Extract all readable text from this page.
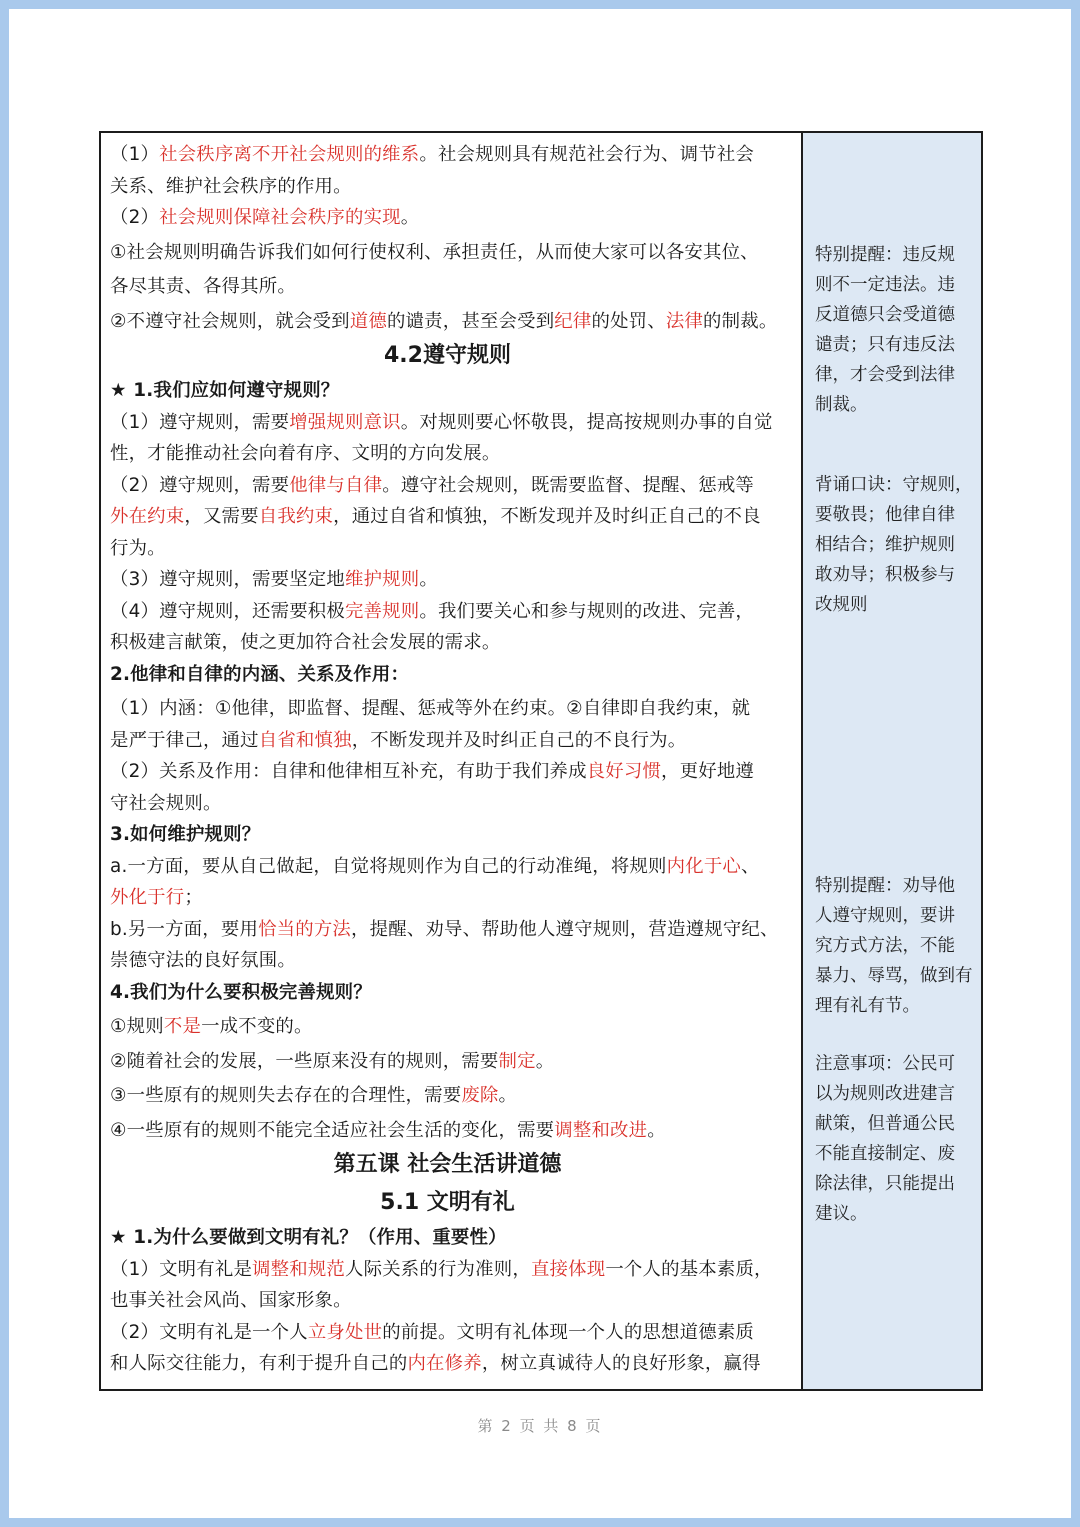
（1）社会秩序离不开社会规则的维系。社会规则具有规范社会行为、调节社会
关系、维护社会秩序的作用。
（2）社会规则保障社会秩序的实现。
①社会规则明确告诉我们如何行使权利、承担责任，从而使大家可以各安其位、
各尽其责、各得其所。
②不遵守社会规则，就会受到道德的谴责，甚至会受到纪律的处罚、法律的制裁。
4.2遵守规则
★ 1.我们应如何遵守规则？
（1）遵守规则，需要增强规则意识。对规则要心怀敬畏，提高按规则办事的自觉
性，才能推动社会向着有序、文明的方向发展。
（2）遵守规则，需要他律与自律。遵守社会规则，既需要监督、提醒、惩戒等
外在约束，又需要自我约束，通过自省和慎独，不断发现并及时纠正自己的不良
行为。
（3）遵守规则，需要坚定地维护规则。
（4）遵守规则，还需要积极完善规则。我们要关心和参与规则的改进、完善，
积极建言献策，使之更加符合社会发展的需求。
2.他律和自律的内涵、关系及作用：
（1）内涵：①他律，即监督、提醒、惩戒等外在约束。②自律即自我约束，就
是严于律己，通过自省和慎独，不断发现并及时纠正自己的不良行为。
（2）关系及作用：自律和他律相互补充，有助于我们养成良好习惯，更好地遵
守社会规则。
3.如何维护规则？
a.一方面，要从自己做起，自觉将规则作为自己的行动准绳，将规则内化于心、
外化于行；
b.另一方面，要用恰当的方法，提醒、劝导、帮助他人遵守规则，营造遵规守纪、
崇德守法的良好氛围。
4.我们为什么要积极完善规则？
①规则不是一成不变的。
②随着社会的发展，一些原来没有的规则，需要制定。
③一些原有的规则失去存在的合理性，需要废除。
④一些原有的规则不能完全适应社会生活的变化，需要调整和改进。
第五课 社会生活讲道德
5.1 文明有礼
★ 1.为什么要做到文明有礼？（作用、重要性）
（1）文明有礼是调整和规范人际关系的行为准则，直接体现一个人的基本素质，
也事关社会风尚、国家形象。
（2）文明有礼是一个人立身处世的前提。文明有礼体现一个人的思想道德素质
和人际交往能力，有利于提升自己的内在修养，树立真诚待人的良好形象，赢得
特别提醒：违反规
则不一定违法。违
反道德只会受道德
谴责；只有违反法
律，才会受到法律
制裁。
背诵口诀：守规则，
要敬畏；他律自律
相结合；维护规则
敢劝导；积极参与
改规则
特别提醒：劝导他
人遵守规则，要讲
究方式方法，不能
暴力、辱骂，做到有
理有礼有节。
注意事项：公民可
以为规则改进建言
献策，但普通公民
不能直接制定、废
除法律，只能提出
建议。
第 2 页 共 8 页
